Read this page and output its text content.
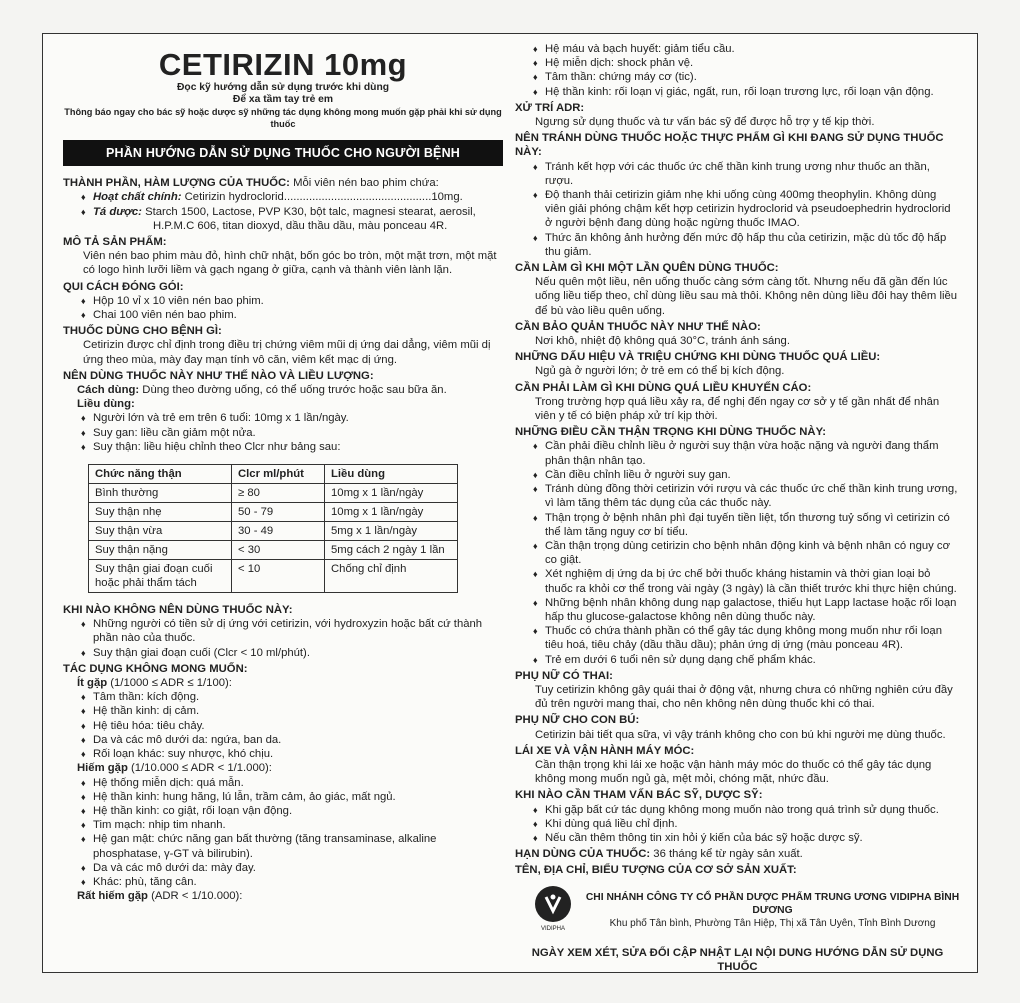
CETIRIZIN 10mg
Đọc kỹ hướng dẫn sử dụng trước khi dùng
Để xa tầm tay trẻ em
Thông báo ngay cho bác sỹ hoặc dược sỹ những tác dụng không mong muốn gặp phải khi sử dụng thuốc
PHẦN HƯỚNG DẪN SỬ DỤNG THUỐC CHO NGƯỜI BỆNH
THÀNH PHẦN, HÀM LƯỢNG CỦA THUỐC: Mỗi viên nén bao phim chứa:
♦ Hoạt chất chính: Cetirizin hydroclorid...............................................10mg.
♦ Tá dược: Starch 1500, Lactose, PVP K30, bột talc, magnesi stearat, aerosil,
H.P.M.C 606, titan dioxyd, dầu thầu dầu, màu ponceau 4R.
MÔ TẢ SẢN PHẨM:
Viên nén bao phim màu đỏ, hình chữ nhật, bốn góc bo tròn, một mặt trơn, một mặt có logo hình lưỡi liềm và gạch ngang ở giữa, cạnh và thành viên lành lặn.
QUI CÁCH ĐÓNG GÓI:
♦ Hộp 10 vỉ x 10 viên nén bao phim.
♦ Chai 100 viên nén bao phim.
THUỐC DÙNG CHO BỆNH GÌ:
Cetirizin được chỉ định trong điều trị chứng viêm mũi dị ứng dai dẳng, viêm mũi dị ứng theo mùa, mày đay mạn tính vô căn, viêm kết mạc dị ứng.
NÊN DÙNG THUỐC NÀY NHƯ THẾ NÀO VÀ LIỀU LƯỢNG:
Cách dùng: Dùng theo đường uống, có thể uống trước hoặc sau bữa ăn.
Liều dùng:
♦ Người lớn và trẻ em trên 6 tuổi: 10mg x 1 lần/ngày.
♦ Suy gan: liều cần giảm một nửa.
♦ Suy thận: liều hiệu chỉnh theo Clcr như bảng sau:
Chức năng thận	Clcr ml/phút	Liều dùng
Bình thường	≥ 80	10mg x 1 lần/ngày
Suy thận nhẹ	50 - 79	10mg x 1 lần/ngày
Suy thận vừa	30 - 49	5mg x 1 lần/ngày
Suy thận nặng	< 30	5mg cách 2 ngày 1 lần
Suy thận giai đoạn cuối hoặc phải thẩm tách	< 10	Chống chỉ định
KHI NÀO KHÔNG NÊN DÙNG THUỐC NÀY:
♦ Những người có tiền sử dị ứng với cetirizin, với hydroxyzin hoặc bất cứ thành phần nào của thuốc.
♦ Suy thận giai đoạn cuối (Clcr < 10 ml/phút).
TÁC DỤNG KHÔNG MONG MUỐN:
Ít gặp (1/1000 ≤ ADR ≤ 1/100):
♦ Tâm thần: kích động.
♦ Hệ thần kinh: dị cảm.
♦ Hệ tiêu hóa: tiêu chảy.
♦ Da và các mô dưới da: ngứa, ban da.
♦ Rối loạn khác: suy nhược, khó chịu.
Hiếm gặp (1/10.000 ≤ ADR < 1/1.000):
♦ Hệ thống miễn dịch: quá mẫn.
♦ Hệ thần kinh: hung hăng, lú lẫn, trầm cảm, ảo giác, mất ngủ.
♦ Hệ thần kinh: co giật, rối loạn vận động.
♦ Tim mạch: nhịp tim nhanh.
♦ Hệ gan mật: chức năng gan bất thường (tăng transaminase, alkaline phosphatase, γ-GT và bilirubin).
♦ Da và các mô dưới da: mày đay.
♦ Khác: phù, tăng cân.
Rất hiếm gặp (ADR < 1/10.000):
♦ Hệ máu và bạch huyết: giảm tiểu cầu.
♦ Hệ miễn dịch: shock phản vệ.
♦ Tâm thần: chứng máy cơ (tic).
♦ Hệ thần kinh: rối loạn vị giác, ngất, run, rối loạn trương lực, rối loạn vận động.
XỬ TRÍ ADR:
Ngưng sử dụng thuốc và tư vấn bác sỹ để được hỗ trợ y tế kịp thời.
NÊN TRÁNH DÙNG THUỐC HOẶC THỰC PHẨM GÌ KHI ĐANG SỬ DỤNG THUỐC NÀY:
♦ Tránh kết hợp với các thuốc ức chế thần kinh trung ương như thuốc an thần, rượu.
♦ Độ thanh thải cetirizin giảm nhẹ khi uống cùng 400mg theophylin. Không dùng viên giải phóng chậm kết hợp cetirizin hydroclorid và pseudoephedrin hydroclorid ở người bệnh đang dùng hoặc ngừng thuốc IMAO.
♦ Thức ăn không ảnh hưởng đến mức độ hấp thu của cetirizin, mặc dù tốc độ hấp thu giảm.
CẦN LÀM GÌ KHI MỘT LẦN QUÊN DÙNG THUỐC:
Nếu quên một liều, nên uống thuốc càng sớm càng tốt. Nhưng nếu đã gần đến lúc uống liều tiếp theo, chỉ dùng liều sau mà thôi. Không nên dùng liều đôi hay thêm liều để bù vào liều quên uống.
CẦN BẢO QUẢN THUỐC NÀY NHƯ THẾ NÀO:
Nơi khô, nhiệt độ không quá 30°C, tránh ánh sáng.
NHỮNG DẤU HIỆU VÀ TRIỆU CHỨNG KHI DÙNG THUỐC QUÁ LIỀU:
Ngủ gà ở người lớn; ở trẻ em có thể bị kích động.
CẦN PHẢI LÀM GÌ KHI DÙNG QUÁ LIỀU KHUYẾN CÁO:
Trong trường hợp quá liều xảy ra, để nghị đến ngay cơ sở y tế gần nhất để nhân viên y tế có biện pháp xử trí kịp thời.
NHỮNG ĐIỀU CẦN THẬN TRỌNG KHI DÙNG THUỐC NÀY:
♦ Cần phải điều chỉnh liều ở người suy thận vừa hoặc nặng và người đang thẩm phân thận nhân tạo.
♦ Cần điều chỉnh liều ở người suy gan.
♦ Tránh dùng đồng thời cetirizin với rượu và các thuốc ức chế thần kinh trung ương, vì làm tăng thêm tác dụng của các thuốc này.
♦ Thận trọng ở bệnh nhân phì đại tuyến tiền liệt, tổn thương tuỷ sống vì cetirizin có thể làm tăng nguy cơ bí tiểu.
♦ Cần thận trọng dùng cetirizin cho bệnh nhân động kinh và bệnh nhân có nguy cơ co giật.
♦ Xét nghiệm dị ứng da bị ức chế bởi thuốc kháng histamin và thời gian loại bỏ thuốc ra khỏi cơ thể trong vài ngày (3 ngày) là cần thiết trước khi thực hiện chúng.
♦ Những bệnh nhân không dung nạp galactose, thiếu hụt Lapp lactase hoặc rối loạn hấp thu glucose-galactose không nên dùng thuốc này.
♦ Thuốc có chứa thành phần có thể gây tác dụng không mong muốn như rối loạn tiêu hoá, tiêu chảy (dầu thầu dầu); phản ứng dị ứng (màu ponceau 4R).
♦ Trẻ em dưới 6 tuổi nên sử dụng dạng chế phẩm khác.
PHỤ NỮ CÓ THAI:
Tuy cetirizin không gây quái thai ở động vật, nhưng chưa có những nghiên cứu đầy đủ trên người mang thai, cho nên không nên dùng thuốc khi có thai.
PHỤ NỮ CHO CON BÚ:
Cetirizin bài tiết qua sữa, vì vậy tránh không cho con bú khi người mẹ dùng thuốc.
LÁI XE VÀ VẬN HÀNH MÁY MÓC:
Cần thận trọng khi lái xe hoặc vận hành máy móc do thuốc có thể gây tác dụng không mong muốn ngủ gà, mệt mỏi, chóng mặt, nhức đầu.
KHI NÀO CẦN THAM VẤN BÁC SỸ, DƯỢC SỸ:
♦ Khi gặp bất cứ tác dụng không mong muốn nào trong quá trình sử dụng thuốc.
♦ Khi dùng quá liều chỉ định.
♦ Nếu cần thêm thông tin xin hỏi ý kiến của bác sỹ hoặc dược sỹ.
HẠN DÙNG CỦA THUỐC: 36 tháng kể từ ngày sản xuất.
TÊN, ĐỊA CHỈ, BIỂU TƯỢNG CỦA CƠ SỞ SẢN XUẤT:
VIDIPHA
CHI NHÁNH CÔNG TY CỔ PHẦN DƯỢC PHẨM TRUNG ƯƠNG VIDIPHA BÌNH DƯƠNG
Khu phố Tân bình, Phường Tân Hiệp, Thị xã Tân Uyên, Tỉnh Bình Dương
NGÀY XEM XÉT, SỬA ĐỔI CẬP NHẬT LẠI NỘI DUNG HƯỚNG DẪN SỬ DỤNG THUỐC
